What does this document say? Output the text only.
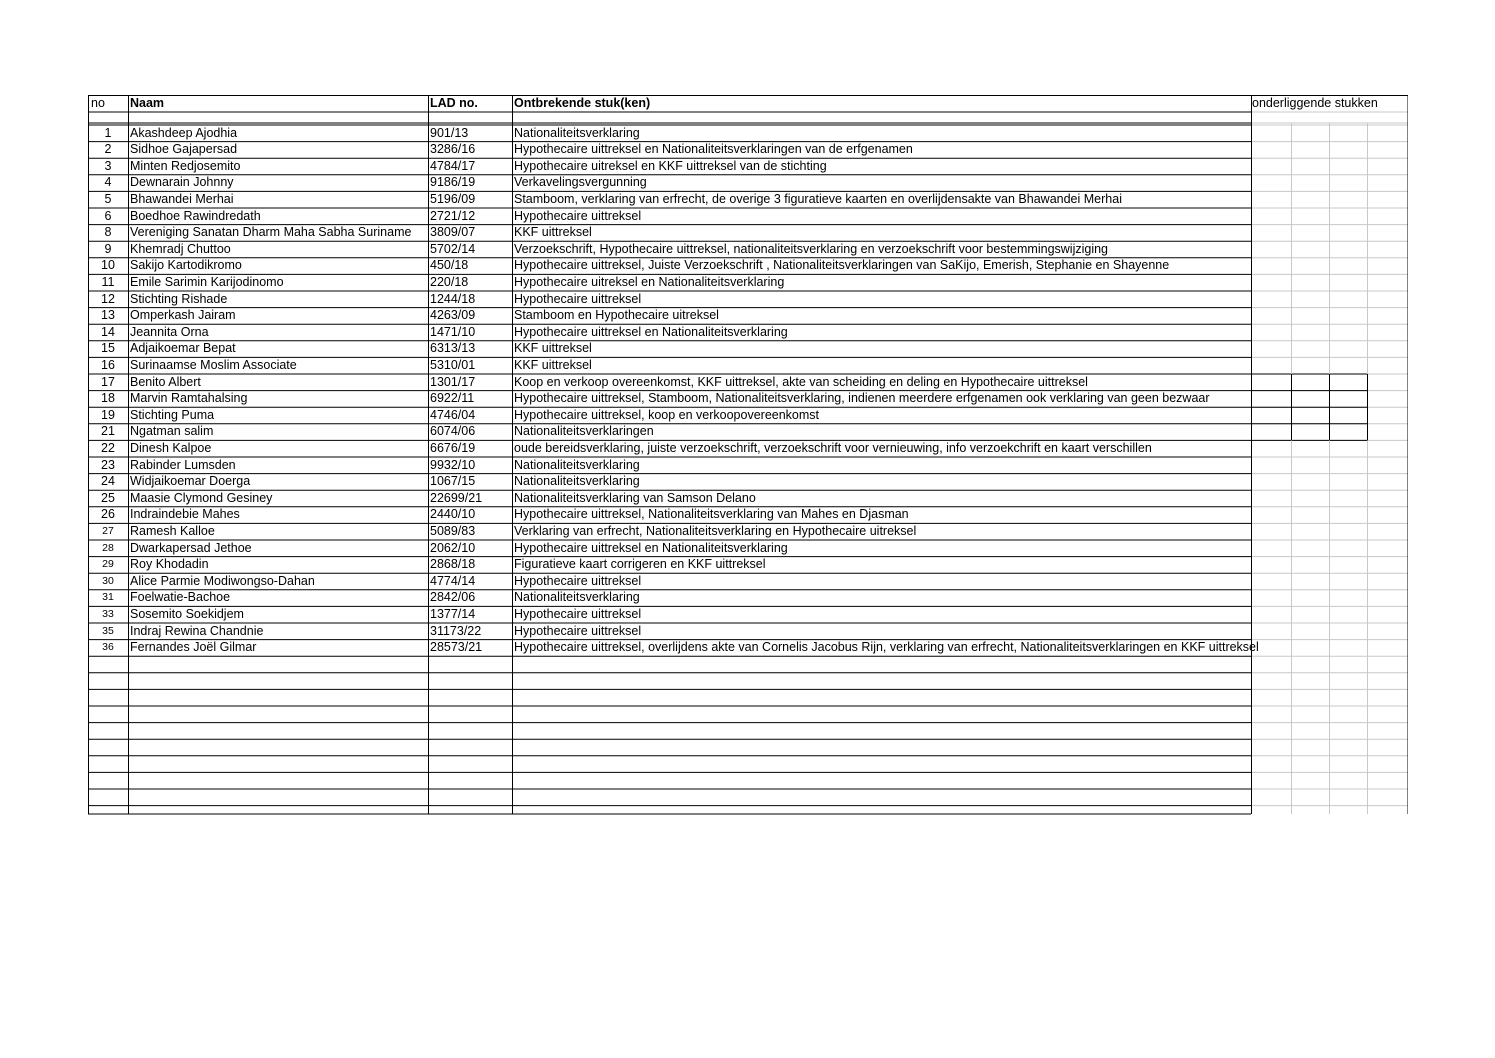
no Naam	LAD no.	Ontbrekende stuk(ken)	onderliggende stukken
1	Akashdeep Ajodhia	901/13	Nationaliteitsverklaring
2	Sidhoe Gajapersad	3286/16	Hypothecaire uittreksel en Nationaliteitsverklaringen van de erfgenamen
3	Minten Redjosemito	4784/17	Hypothecaire uitreksel en KKF uittreksel van de stichting
4	Dewnarain Johnny	9186/19	Verkavelingsvergunning
5	Bhawandei Merhai	5196/09	Stamboom, verklaring van erfrecht, de overige 3 figuratieve kaarten en overlijdensakte van Bhawandei Merhai
6	Boedhoe Rawindredath	2721/12	Hypothecaire uittreksel
8	Vereniging Sanatan Dharm Maha Sabha Suriname 3809/07	KKF uittreksel
9	Khemradj Chuttoo	5702/14	Verzoekschrift, Hypothecaire uittreksel, nationaliteitsverklaring en verzoekschrift voor bestemmingswijziging
10	Sakijo Kartodikromo	450/18	Hypothecaire uittreksel, Juiste Verzoekschrift , Nationaliteitsverklaringen van SaKijo, Emerish, Stephanie en Shayenne
11	Emile Sarimin Karijodinomo	220/18	Hypothecaire uitreksel en Nationaliteitsverklaring
12	Stichting Rishade	1244/18	Hypothecaire uittreksel
13	Omperkash Jairam	4263/09	Stamboom en Hypothecaire uitreksel
14	Jeannita Orna	1471/10	Hypothecaire uittreksel en Nationaliteitsverklaring
15	Adjaikoemar Bepat	6313/13	KKF uittreksel
16	Surinaamse Moslim Associate	5310/01	KKF uittreksel
17	Benito Albert	1301/17	Koop en verkoop overeenkomst, KKF uittreksel, akte van scheiding en deling en Hypothecaire uittreksel
18	Marvin Ramtahalsing	6922/11	Hypothecaire uittreksel, Stamboom, Nationaliteitsverklaring, indienen meerdere erfgenamen ook verklaring van geen bezwaar
19	Stichting Puma	4746/04	Hypothecaire uittreksel, koop en verkoopovereenkomst
21	Ngatman salim	6074/06	Nationaliteitsverklaringen
22	Dinesh Kalpoe	6676/19	oude bereidsverklaring, juiste verzoekschrift, verzoekschrift voor vernieuwing, info verzoekchrift en kaart verschillen
23	Rabinder Lumsden	9932/10	Nationaliteitsverklaring
24	Widjaikoemar Doerga	1067/15	Nationaliteitsverklaring
25	Maasie Clymond Gesiney	22699/21	Nationaliteitsverklaring van Samson Delano
26	Indraindebie Mahes	2440/10	Hypothecaire uittreksel, Nationaliteitsverklaring van Mahes en Djasman
27	Ramesh Kalloe	5089/83	Verklaring van erfrecht, Nationaliteitsverklaring en Hypothecaire uitreksel
28	Dwarkapersad Jethoe	2062/10	Hypothecaire uittreksel en Nationaliteitsverklaring
29	Roy Khodadin	2868/18	Figuratieve kaart corrigeren en KKF uittreksel
30	Alice Parmie Modiwongso-Dahan	4774/14	Hypothecaire uittreksel
31	Foelwatie-Bachoe	2842/06	Nationaliteitsverklaring
33	Sosemito Soekidjem	1377/14	Hypothecaire uittreksel
35	Indraj Rewina Chandnie	31173/22	Hypothecaire uittreksel
36	Fernandes Joël Gilmar	28573/21	Hypothecaire uittreksel, overlijdens akte van Cornelis Jacobus Rijn, verklaring van erfrecht, Nationaliteitsverklaringen en KKF uittreksel
